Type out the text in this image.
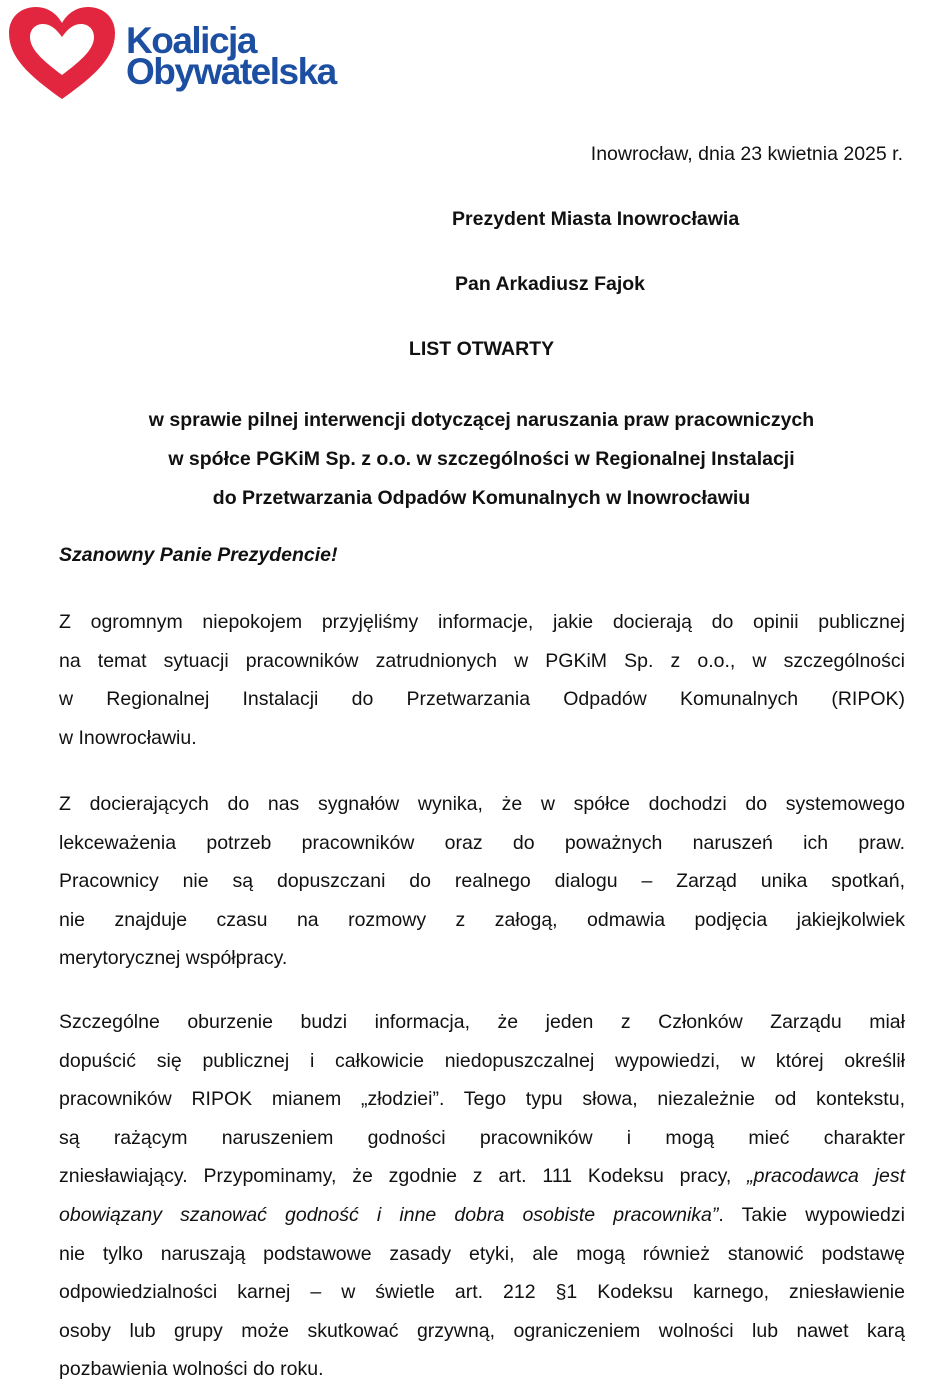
Koalicja
Obywatelska

Inowrocław, dnia 23 kwietnia 2025 r.

Prezydent Miasta Inowrocławia

Pan Arkadiusz Fajok

LIST OTWARTY

w sprawie pilnej interwencji dotyczącej naruszania praw pracowniczych
w spółce PGKiM Sp. z o.o. w szczególności w Regionalnej Instalacji
do Przetwarzania Odpadów Komunalnych w Inowrocławiu

Szanowny Panie Prezydencie!

Z ogromnym niepokojem przyjęliśmy informacje, jakie docierają do opinii publicznej
na temat sytuacji pracowników zatrudnionych w PGKiM Sp. z o.o., w szczególności
w Regionalnej Instalacji do Przetwarzania Odpadów Komunalnych (RIPOK)
w Inowrocławiu.
Z docierających do nas sygnałów wynika, że w spółce dochodzi do systemowego
lekceważenia potrzeb pracowników oraz do poważnych naruszeń ich praw.
Pracownicy nie są dopuszczani do realnego dialogu – Zarząd unika spotkań,
nie znajduje czasu na rozmowy z załogą, odmawia podjęcia jakiejkolwiek
merytorycznej współpracy.
Szczególne oburzenie budzi informacja, że jeden z Członków Zarządu miał
dopuścić się publicznej i całkowicie niedopuszczalnej wypowiedzi, w której określił
pracowników RIPOK mianem „złodziei”. Tego typu słowa, niezależnie od kontekstu,
są rażącym naruszeniem godności pracowników i mogą mieć charakter
zniesławiający. Przypominamy, że zgodnie z art. 111 Kodeksu pracy, „pracodawca jest
obowiązany szanować godność i inne dobra osobiste pracownika”. Takie wypowiedzi
nie tylko naruszają podstawowe zasady etyki, ale mogą również stanowić podstawę
odpowiedzialności karnej – w świetle art. 212 §1 Kodeksu karnego, zniesławienie
osoby lub grupy może skutkować grzywną, ograniczeniem wolności lub nawet karą
pozbawienia wolności do roku.
